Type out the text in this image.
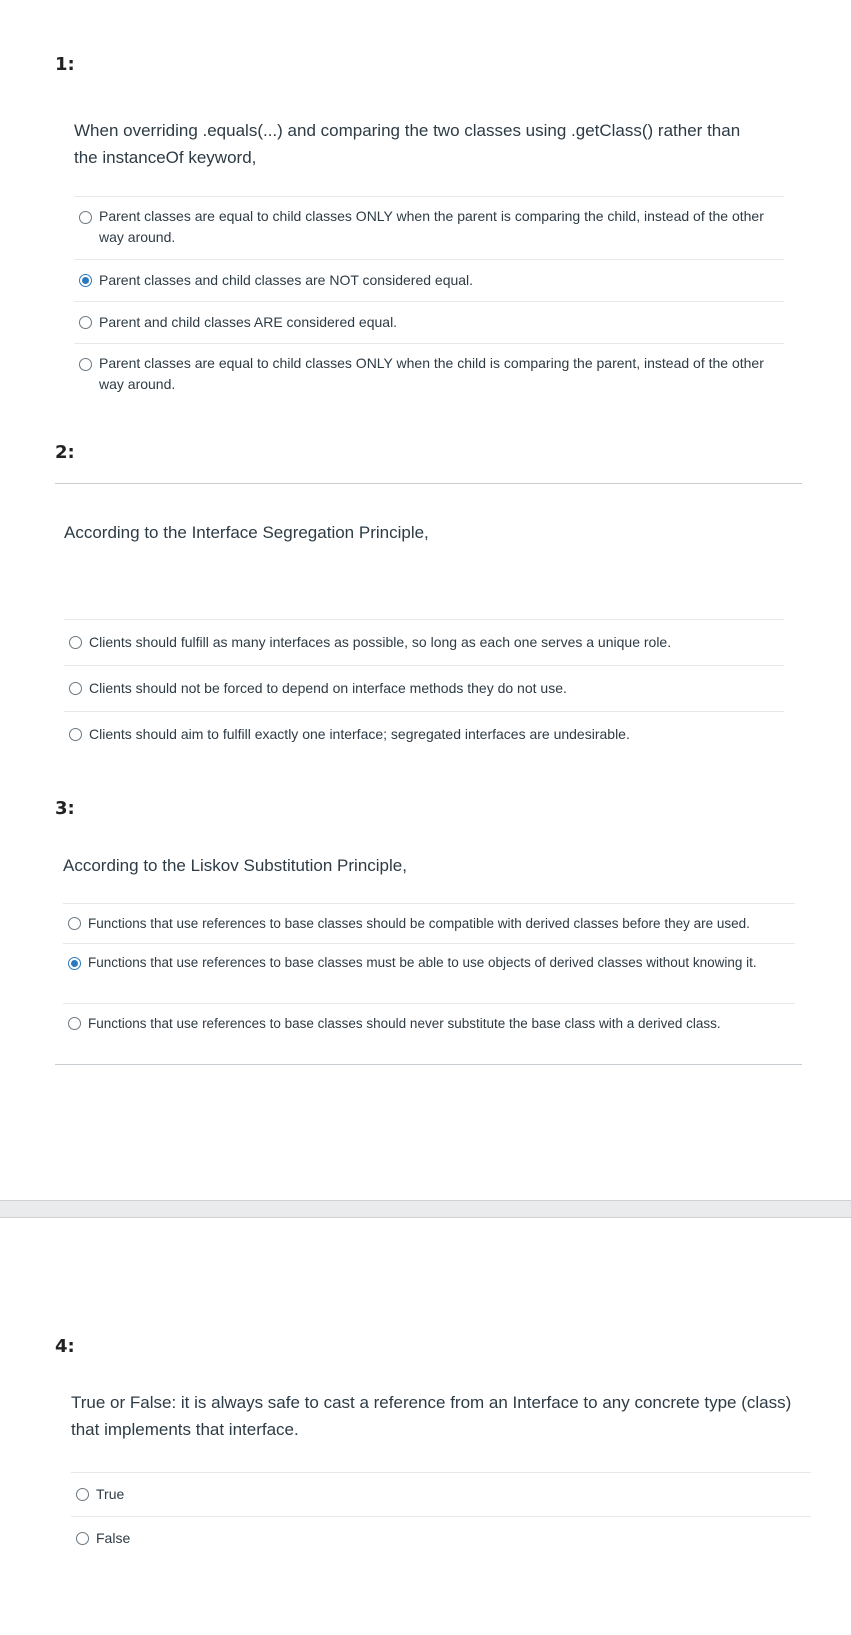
1:
When overriding .equals(...) and comparing the two classes using .getClass() rather than the instanceOf keyword,
Parent classes are equal to child classes ONLY when the parent is comparing the child, instead of the other way around.
Parent classes and child classes are NOT considered equal.
Parent and child classes ARE considered equal.
Parent classes are equal to child classes ONLY when the child is comparing the parent, instead of the other way around.
2:
According to the Interface Segregation Principle,
Clients should fulfill as many interfaces as possible, so long as each one serves a unique role.
Clients should not be forced to depend on interface methods they do not use.
Clients should aim to fulfill exactly one interface; segregated interfaces are undesirable.
3:
According to the Liskov Substitution Principle,
Functions that use references to base classes should be compatible with derived classes before they are used.
Functions that use references to base classes must be able to use objects of derived classes without knowing it.
Functions that use references to base classes should never substitute the base class with a derived class.
4:
True or False: it is always safe to cast a reference from an Interface to any concrete type (class) that implements that interface.
True
False
